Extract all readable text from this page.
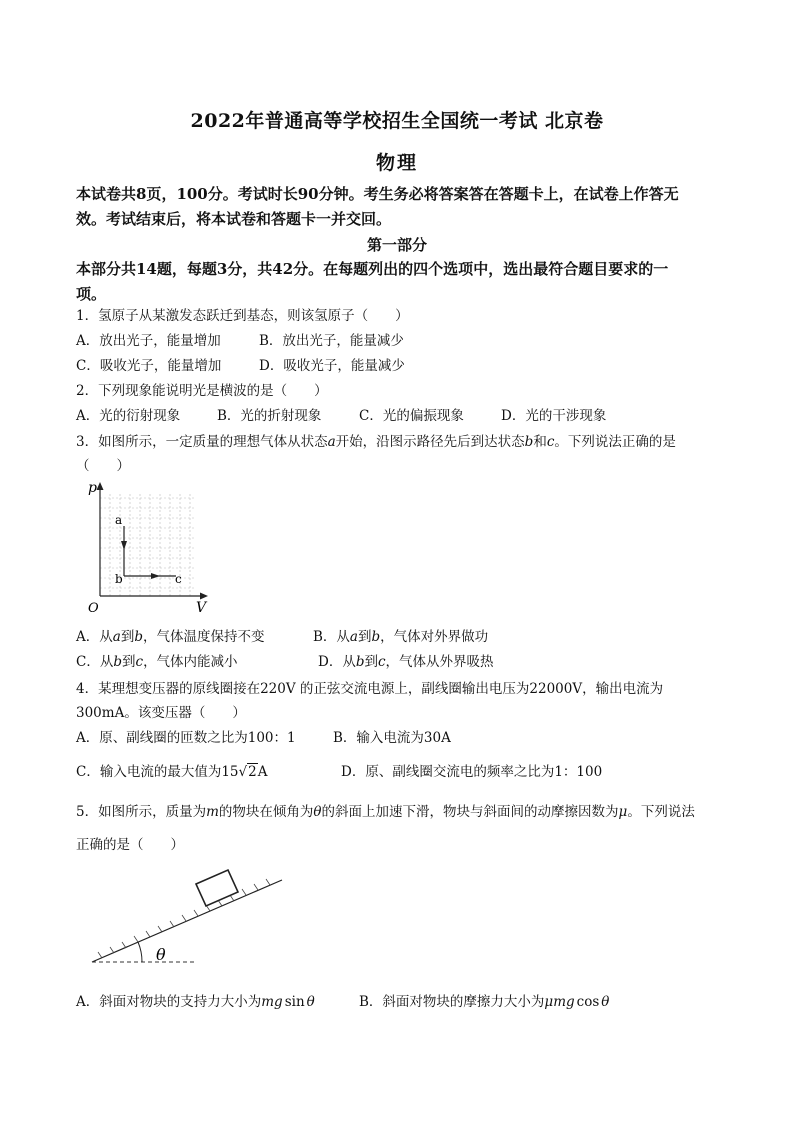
2022年普通高等学校招生全国统一考试 北京卷
物理
本试卷共8页，100分。考试时长90分钟。考生务必将答案答在答题卡上，在试卷上作答无
效。考试结束后，将本试卷和答题卡一并交回。
第一部分
本部分共14题，每题3分，共42分。在每题列出的四个选项中，选出最符合题目要求的一
项。
1．氢原子从某激发态跃迁到基态，则该氢原子（　　）
A．放出光子，能量增加	B．放出光子，能量减少
C．吸收光子，能量增加	D．吸收光子，能量减少
2．下列现象能说明光是横波的是（　　）
A．光的衍射现象	B．光的折射现象	C．光的偏振现象	D．光的干涉现象
3．如图所示，一定质量的理想气体从状态a开始，沿图示路径先后到达状态b和c。下列说法正确的是
（　　）
p
V
O
a
b	c
A．从a到b，气体温度保持不变	B．从a到b，气体对外界做功
C．从b到c，气体内能减小	D．从b到c，气体从外界吸热
4．某理想变压器的原线圈接在220V 的正弦交流电源上，副线圈输出电压为22000V，输出电流为
300mA。该变压器（　　）
A．原、副线圈的匝数之比为100：1	B．输入电流为30A
C．输入电流的最大值为15√2A	D．原、副线圈交流电的频率之比为1：100
5．如图所示，质量为m的物块在倾角为θ的斜面上加速下滑，物块与斜面间的动摩擦因数为μ。下列说法
正确的是（　　）
θ
A．斜面对物块的支持力大小为mg sin θ	B．斜面对物块的摩擦力大小为μmg cos θ
